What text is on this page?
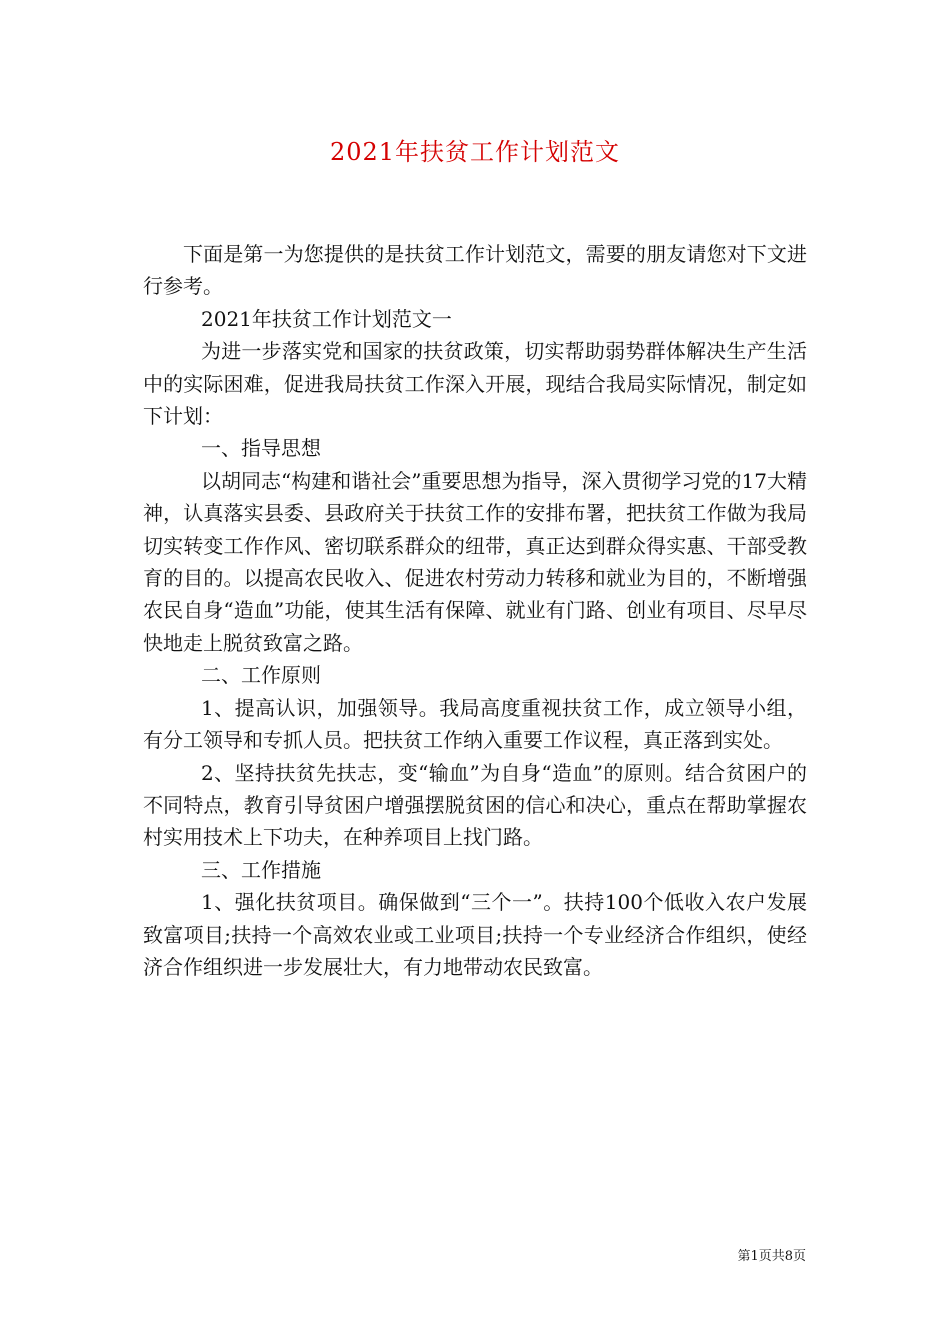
2021年扶贫工作计划范文

下面是第一为您提供的是扶贫工作计划范文，需要的朋友请您对下文进行参考。

2021年扶贫工作计划范文一

为进一步落实党和国家的扶贫政策，切实帮助弱势群体解决生产生活中的实际困难，促进我局扶贫工作深入开展，现结合我局实际情况，制定如下计划：

一、指导思想

以胡同志“构建和谐社会”重要思想为指导，深入贯彻学习党的17大精神，认真落实县委、县政府关于扶贫工作的安排布署，把扶贫工作做为我局切实转变工作作风、密切联系群众的纽带，真正达到群众得实惠、干部受教育的目的。以提高农民收入、促进农村劳动力转移和就业为目的，不断增强农民自身“造血”功能，使其生活有保障、就业有门路、创业有项目、尽早尽快地走上脱贫致富之路。

二、工作原则

1、提高认识，加强领导。我局高度重视扶贫工作，成立领导小组，有分工领导和专抓人员。把扶贫工作纳入重要工作议程，真正落到实处。

2、坚持扶贫先扶志，变“输血”为自身“造血”的原则。结合贫困户的不同特点，教育引导贫困户增强摆脱贫困的信心和决心，重点在帮助掌握农村实用技术上下功夫，在种养项目上找门路。

三、工作措施

1、强化扶贫项目。确保做到“三个一”。扶持100个低收入农户发展致富项目;扶持一个高效农业或工业项目;扶持一个专业经济合作组织，使经济合作组织进一步发展壮大，有力地带动农民致富。

第1页共8页
